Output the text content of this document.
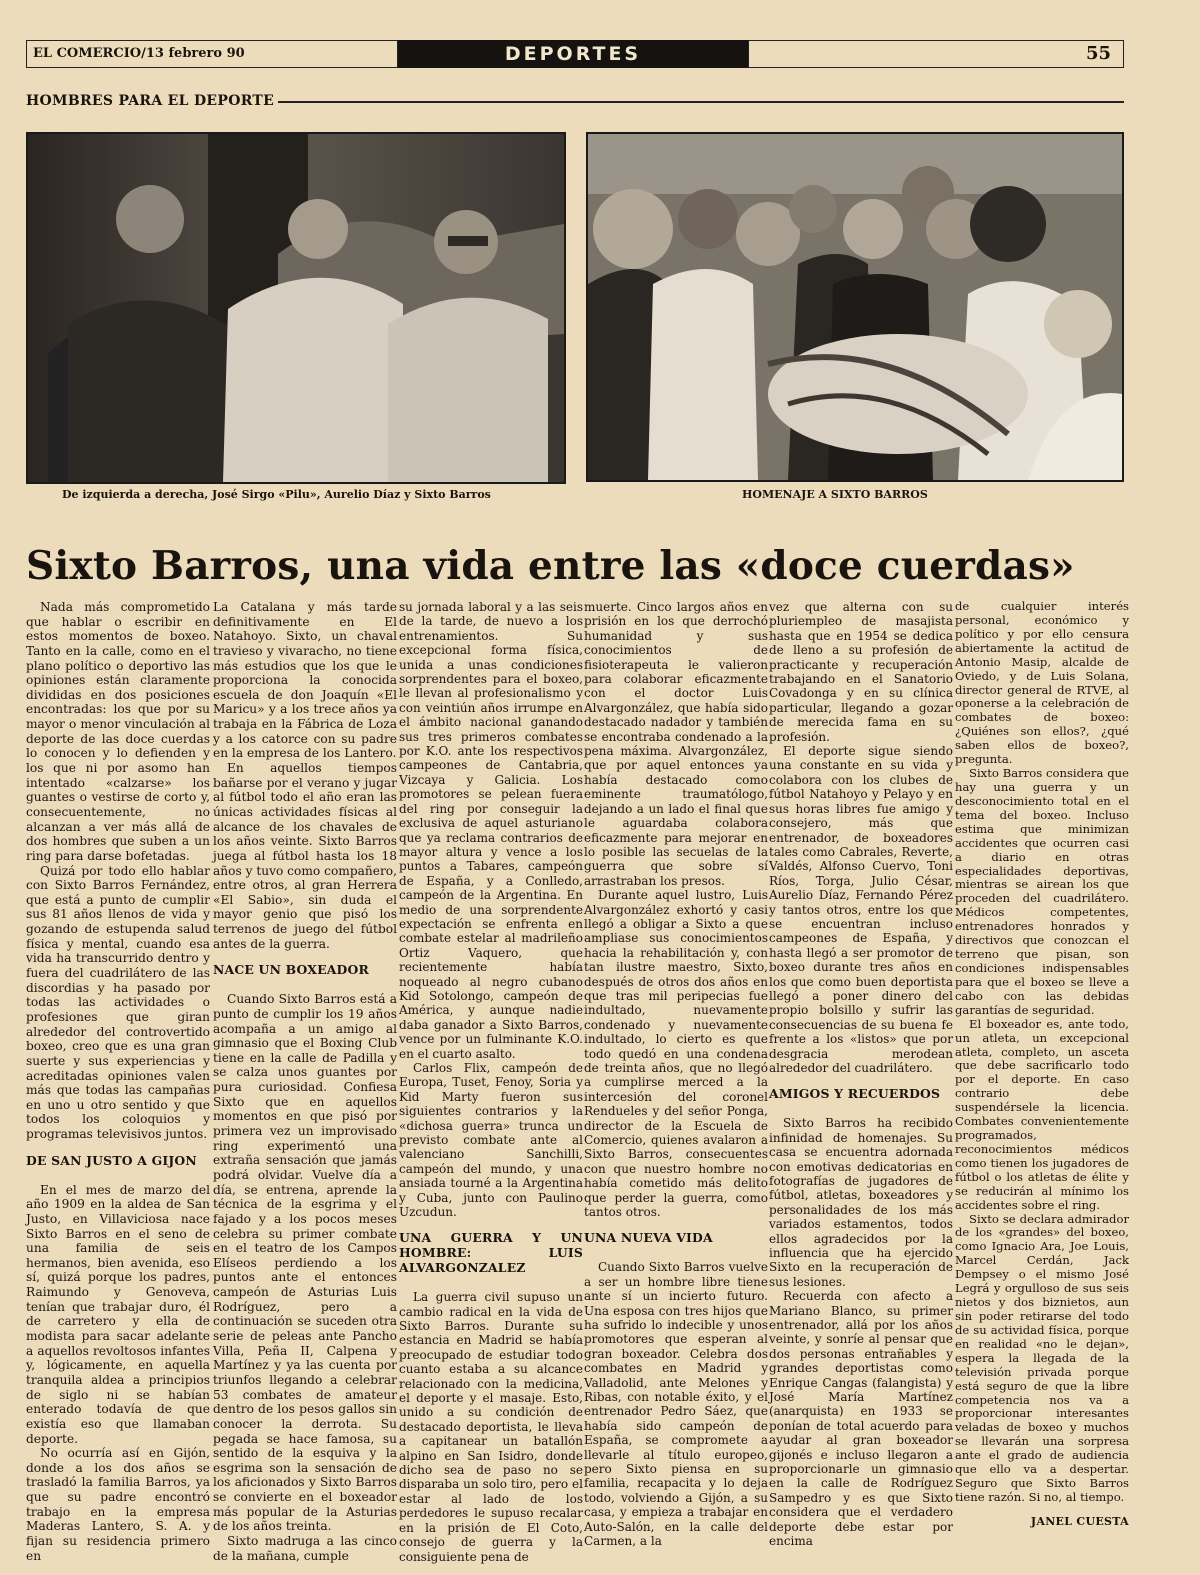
EL COMERCIO/13 febrero 90	DEPORTES	55
HOMBRES PARA EL DEPORTE
De izquierda a derecha, José Sirgo «Pilu», Aurelio Díaz y Sixto Barros	HOMENAJE A SIXTO BARROS
Sixto Barros, una vida entre las «doce cuerdas»

Nada más comprometido que hablar o escribir en estos momentos de boxeo. Tanto en la calle, como en el plano político o deportivo las opiniones están claramente divididas en dos posiciones encontradas: los que por su mayor o menor vinculación al deporte de las doce cuerdas lo conocen y lo defienden y los que ni por asomo han intentado «calzarse» los guantes o vestirse de corto y, consecuentemente, no alcanzan a ver más allá de dos hombres que suben a un ring para darse bofetadas.

Quizá por todo ello hablar con Sixto Barros Fernández, que está a punto de cumplir sus 81 años llenos de vida y gozando de estupenda salud física y mental, cuando esa vida ha transcurrido dentro y fuera del cuadrilátero de las discordias y ha pasado por todas las actividades o profesiones que giran alrededor del controvertido boxeo, creo que es una gran suerte y sus experiencias y acreditadas opiniones valen más que todas las campañas en uno u otro sentido y que todos los coloquios y programas televisivos juntos.

DE SAN JUSTO A GIJON

En el mes de marzo del año 1909 en la aldea de San Justo, en Villaviciosa nace Sixto Barros en el seno de una familia de seis hermanos, bien avenida, eso sí, quizá porque los padres, Raimundo y Genoveva, tenían que trabajar duro, él de carretero y ella de modista para sacar adelante a aquellos revoltosos infantes y, lógicamente, en aquella tranquila aldea a principios de siglo ni se habían enterado todavía de que existía eso que llamaban deporte.

No ocurría así en Gijón, donde a los dos años se trasladó la familia Barros, ya que su padre encontró trabajo en la empresa Maderas Lantero, S. A. y fijan su residencia primero en

La Catalana y más tarde definitivamente en El Natahoyo. Sixto, un chaval travieso y vivaracho, no tiene más estudios que los que le proporciona la conocida escuela de don Joaquín «El Maricu» y a los trece años ya trabaja en la Fábrica de Loza y a los catorce con su padre en la empresa de los Lantero.

En aquellos tiempos bañarse por el verano y jugar al fútbol todo el año eran las únicas actividades físicas al alcance de los chavales de los años veinte. Sixto Barros juega al fútbol hasta los 18 años y tuvo como compañero, entre otros, al gran Herrera «El Sabio», sin duda el mayor genio que pisó los terrenos de juego del fútbol antes de la guerra.

NACE UN BOXEADOR

Cuando Sixto Barros está a punto de cumplir los 19 años acompaña a un amigo al gimnasio que el Boxing Club tiene en la calle de Padilla y se calza unos guantes por pura curiosidad. Confiesa Sixto que en aquellos momentos en que pisó por primera vez un improvisado ring experimentó una extraña sensación que jamás podrá olvidar. Vuelve día a día, se entrena, aprende la técnica de la esgrima y el fajado y a los pocos meses celebra su primer combate en el teatro de los Campos Elíseos perdiendo a los puntos ante el entonces campeón de Asturias Luis Rodríguez, pero a continuación se suceden otra serie de peleas ante Pancho Villa, Peña II, Calpena y Martínez y ya las cuenta por triunfos llegando a celebrar 53 combates de amateur dentro de los pesos gallos sin conocer la derrota. Su pegada se hace famosa, su sentido de la esquiva y la esgrima son la sensación de los aficionados y Sixto Barros se convierte en el boxeador más popular de la Asturias de los años treinta.

Sixto madruga a las cinco de la mañana, cumple

su jornada laboral y a las seis de la tarde, de nuevo a los entrenamientos. Su excepcional forma física, unida a unas condiciones sorprendentes para el boxeo, le llevan al profesionalismo y con veintiún años irrumpe en el ámbito nacional ganando sus tres primeros combates por K.O. ante los respectivos campeones de Cantabria, Vizcaya y Galicia. Los promotores se pelean fuera del ring por conseguir la exclusiva de aquel asturiano que ya reclama contrarios de mayor altura y vence a los puntos a Tabares, campeón de España, y a Conlledo, campeón de la Argentina. En medio de una sorprendente expectación se enfrenta en combate estelar al madrileño Ortiz Vaquero, que recientemente había noqueado al negro cubano Kid Sotolongo, campeón de América, y aunque nadie daba ganador a Sixto Barros, vence por un fulminante K.O. en el cuarto asalto.

Carlos Flix, campeón de Europa, Tuset, Fenoy, Soria y Kid Marty fueron sus siguientes contrarios y la «dichosa guerra» trunca un previsto combate ante al valenciano Sanchilli, campeón del mundo, y una ansiada tourné a la Argentina y Cuba, junto con Paulino Uzcudun.

UNA GUERRA Y UN HOMBRE: LUIS ALVARGONZALEZ

La guerra civil supuso un cambio radical en la vida de Sixto Barros. Durante su estancia en Madrid se había preocupado de estudiar todo cuanto estaba a su alcance relacionado con la medicina, el deporte y el masaje. Esto, unido a su condición de destacado deportista, le lleva a capitanear un batallón alpino en San Isidro, donde dicho sea de paso no se disparaba un solo tiro, pero el estar al lado de los perdedores le supuso recalar en la prisión de El Coto, consejo de guerra y la consiguiente pena de

muerte. Cinco largos años en prisión en los que derrochó humanidad y sus conocimientos de fisioterapeuta le valieron para colaborar eficazmente con el doctor Luis Alvargonzález, que había sido destacado nadador y también se encontraba condenado a la pena máxima. Alvargonzález, que por aquel entonces ya había destacado como eminente traumatólogo, dejando a un lado el final que le aguardaba colabora eficazmente para mejorar en lo posible las secuelas de la guerra que sobre sí arrastraban los presos.

Durante aquel lustro, Luis Alvargonzález exhortó y casi llegó a obligar a Sixto a que ampliase sus conocimientos hacia la rehabilitación y, con tan ilustre maestro, Sixto, después de otros dos años en que tras mil peripecias fue indultado, nuevamente condenado y nuevamente indultado, lo cierto es que todo quedó en una condena de treinta años, que no llegó a cumplirse merced a la intercesión del coronel Rendueles y del señor Ponga, director de la Escuela de Comercio, quienes avalaron a Sixto Barros, consecuentes con que nuestro hombre no había cometido más delito que perder la guerra, como tantos otros.

UNA NUEVA VIDA

Cuando Sixto Barros vuelve a ser un hombre libre tiene ante sí un incierto futuro. Una esposa con tres hijos que ha sufrido lo indecible y unos promotores que esperan al gran boxeador. Celebra dos combates en Madrid y Valladolid, ante Melones y Ribas, con notable éxito, y el entrenador Pedro Sáez, que había sido campeón de España, se compromete a llevarle al título europeo, pero Sixto piensa en su familia, recapacita y lo deja todo, volviendo a Gijón, a su casa, y empieza a trabajar en Auto-Salón, en la calle del Carmen, a la

vez que alterna con su pluriempleo de masajista hasta que en 1954 se dedica de lleno a su profesión de practicante y recuperación trabajando en el Sanatorio Covadonga y en su clínica particular, llegando a gozar de merecida fama en su profesión.

El deporte sigue siendo una constante en su vida y colabora con los clubes de fútbol Natahoyo y Pelayo y en sus horas libres fue amigo y consejero, más que entrenador, de boxeadores tales como Cabrales, Reverte, Valdés, Alfonso Cuervo, Toni Ríos, Torga, Julio César, Aurelio Díaz, Fernando Pérez y tantos otros, entre los que se encuentran incluso campeones de España, y hasta llegó a ser promotor de boxeo durante tres años en los que como buen deportista llegó a poner dinero del propio bolsillo y sufrir las consecuencias de su buena fe frente a los «listos» que por desgracia merodean alrededor del cuadrilátero.

AMIGOS Y RECUERDOS

Sixto Barros ha recibido infinidad de homenajes. Su casa se encuentra adornada con emotivas dedicatorias en fotografías de jugadores de fútbol, atletas, boxeadores y personalidades de los más variados estamentos, todos ellos agradecidos por la influencia que ha ejercido Sixto en la recuperación de sus lesiones.

Recuerda con afecto a Mariano Blanco, su primer entrenador, allá por los años veinte, y sonríe al pensar que dos personas entrañables y grandes deportistas como Enrique Cangas (falangista) y José María Martínez (anarquista) en 1933 se ponían de total acuerdo para ayudar al gran boxeador gijonés e incluso llegaron a proporcionarle un gimnasio en la calle de Rodríguez Sampedro y es que Sixto considera que el verdadero deporte debe estar por encima

de cualquier interés personal, económico y político y por ello censura abiertamente la actitud de Antonio Masip, alcalde de Oviedo, y de Luis Solana, director general de RTVE, al oponerse a la celebración de combates de boxeo: ¿Quiénes son ellos?, ¿qué saben ellos de boxeo?, pregunta.

Sixto Barros considera que hay una guerra y un desconocimiento total en el tema del boxeo. Incluso estima que minimizan accidentes que ocurren casi a diario en otras especialidades deportivas, mientras se airean los que proceden del cuadrilátero. Médicos competentes, entrenadores honrados y directivos que conozcan el terreno que pisan, son condiciones indispensables para que el boxeo se lleve a cabo con las debidas garantías de seguridad.

El boxeador es, ante todo, un atleta, un excepcional atleta, completo, un asceta que debe sacrificarlo todo por el deporte. En caso contrario debe suspendérsele la licencia. Combates convenientemente programados, reconocimientos médicos como tienen los jugadores de fútbol o los atletas de élite y se reducirán al mínimo los accidentes sobre el ring.

Sixto se declara admirador de los «grandes» del boxeo, como Ignacio Ara, Joe Louis, Marcel Cerdán, Jack Dempsey o el mismo José Legrá y orgulloso de sus seis nietos y dos biznietos, aun sin poder retirarse del todo de su actividad física, porque en realidad «no le dejan», espera la llegada de la televisión privada porque está seguro de que la libre competencia nos va a proporcionar interesantes veladas de boxeo y muchos se llevarán una sorpresa ante el grado de audiencia que ello va a despertar. Seguro que Sixto Barros tiene razón. Si no, al tiempo.

JANEL CUESTA
